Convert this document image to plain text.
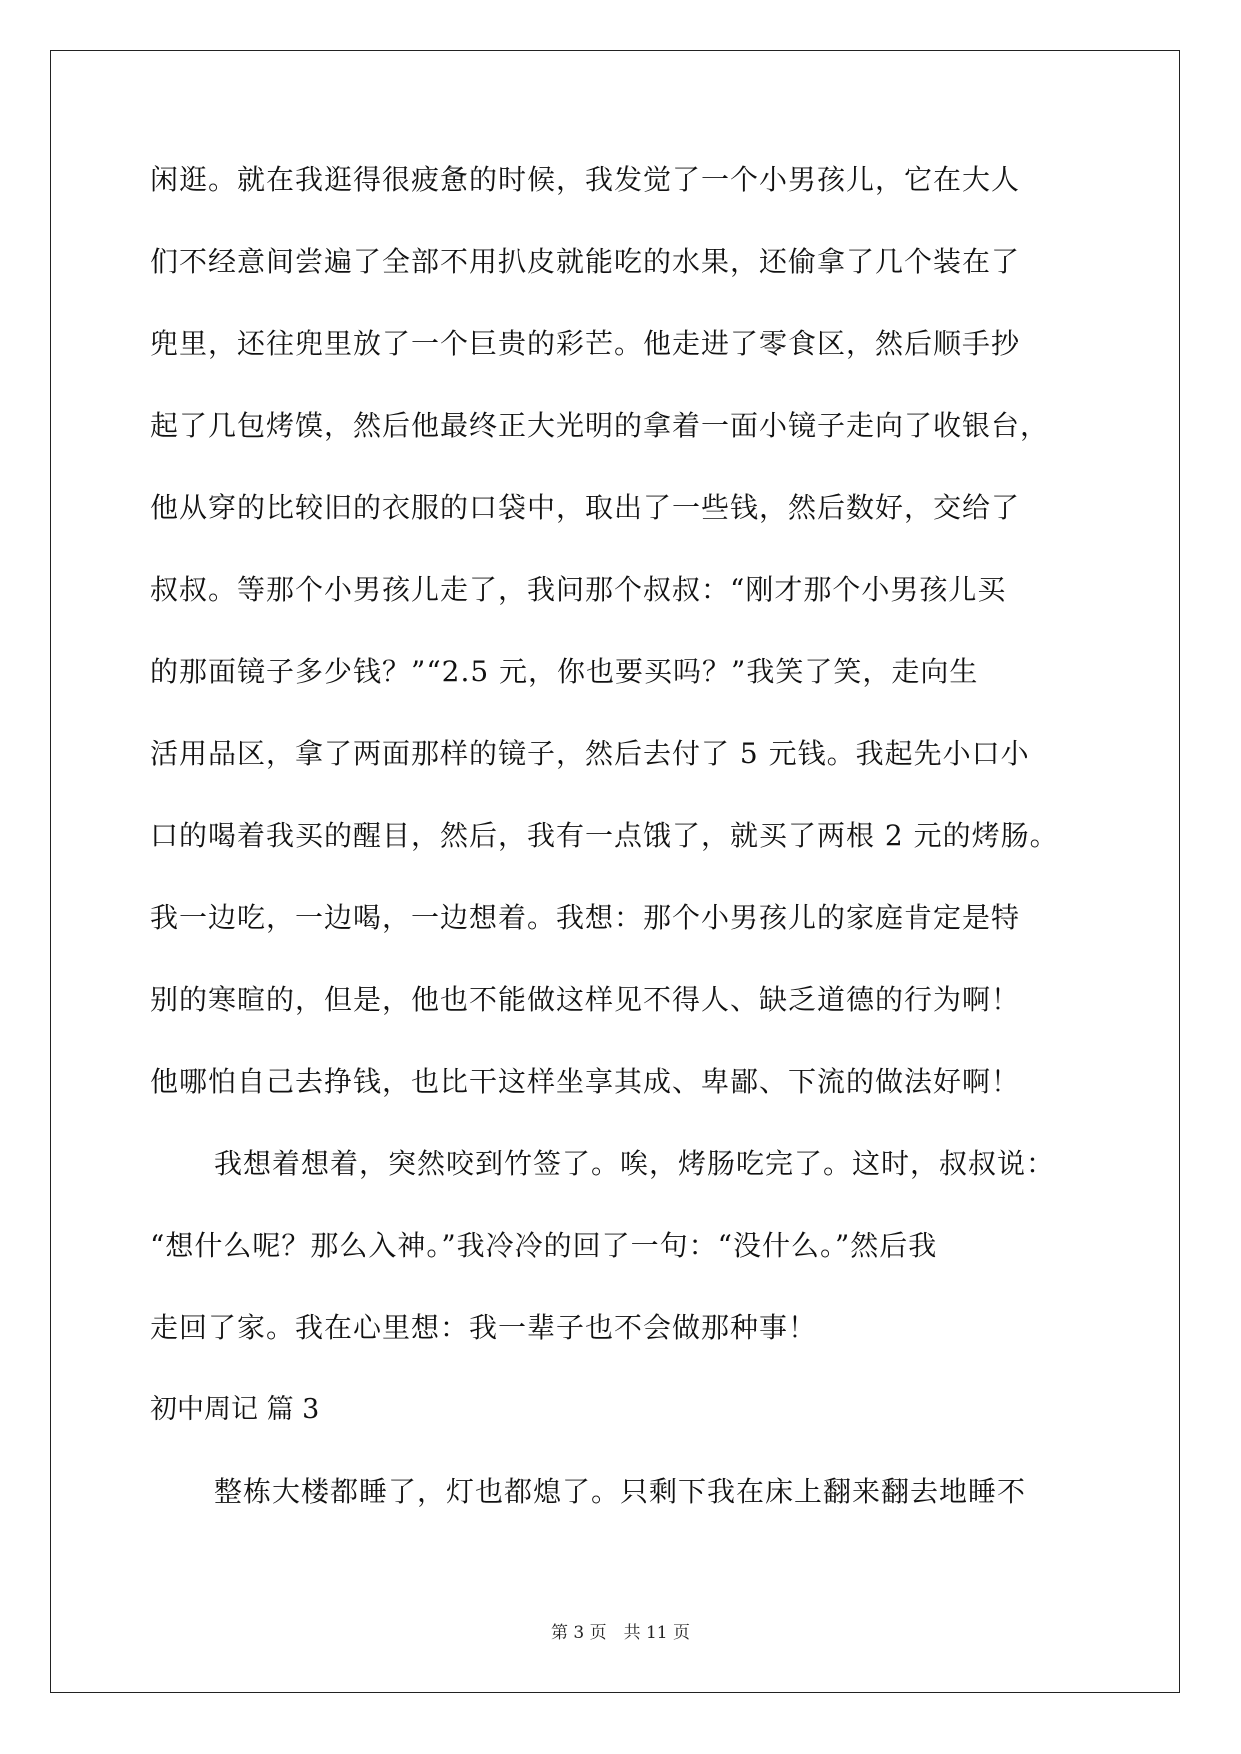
闲逛。就在我逛得很疲惫的时候，我发觉了一个小男孩儿，它在大人
们不经意间尝遍了全部不用扒皮就能吃的水果，还偷拿了几个装在了
兜里，还往兜里放了一个巨贵的彩芒。他走进了零食区，然后顺手抄
起了几包烤馍，然后他最终正大光明的拿着一面小镜子走向了收银台，
他从穿的比较旧的衣服的口袋中，取出了一些钱，然后数好，交给了
叔叔。等那个小男孩儿走了，我问那个叔叔：“刚才那个小男孩儿买
的那面镜子多少钱？”“2.5 元，你也要买吗？”我笑了笑，走向生
活用品区，拿了两面那样的镜子，然后去付了 5 元钱。我起先小口小
口的喝着我买的醒目，然后，我有一点饿了，就买了两根 2 元的烤肠。
我一边吃，一边喝，一边想着。我想：那个小男孩儿的家庭肯定是特
别的寒暄的，但是，他也不能做这样见不得人、缺乏道德的行为啊！
他哪怕自己去挣钱，也比干这样坐享其成、卑鄙、下流的做法好啊！
我想着想着，突然咬到竹签了。唉，烤肠吃完了。这时，叔叔说：
“想什么呢？那么入神。”我冷冷的回了一句：“没什么。”然后我
走回了家。我在心里想：我一辈子也不会做那种事！
初中周记 篇 3
整栋大楼都睡了，灯也都熄了。只剩下我在床上翻来翻去地睡不
第 3 页　共 11 页
